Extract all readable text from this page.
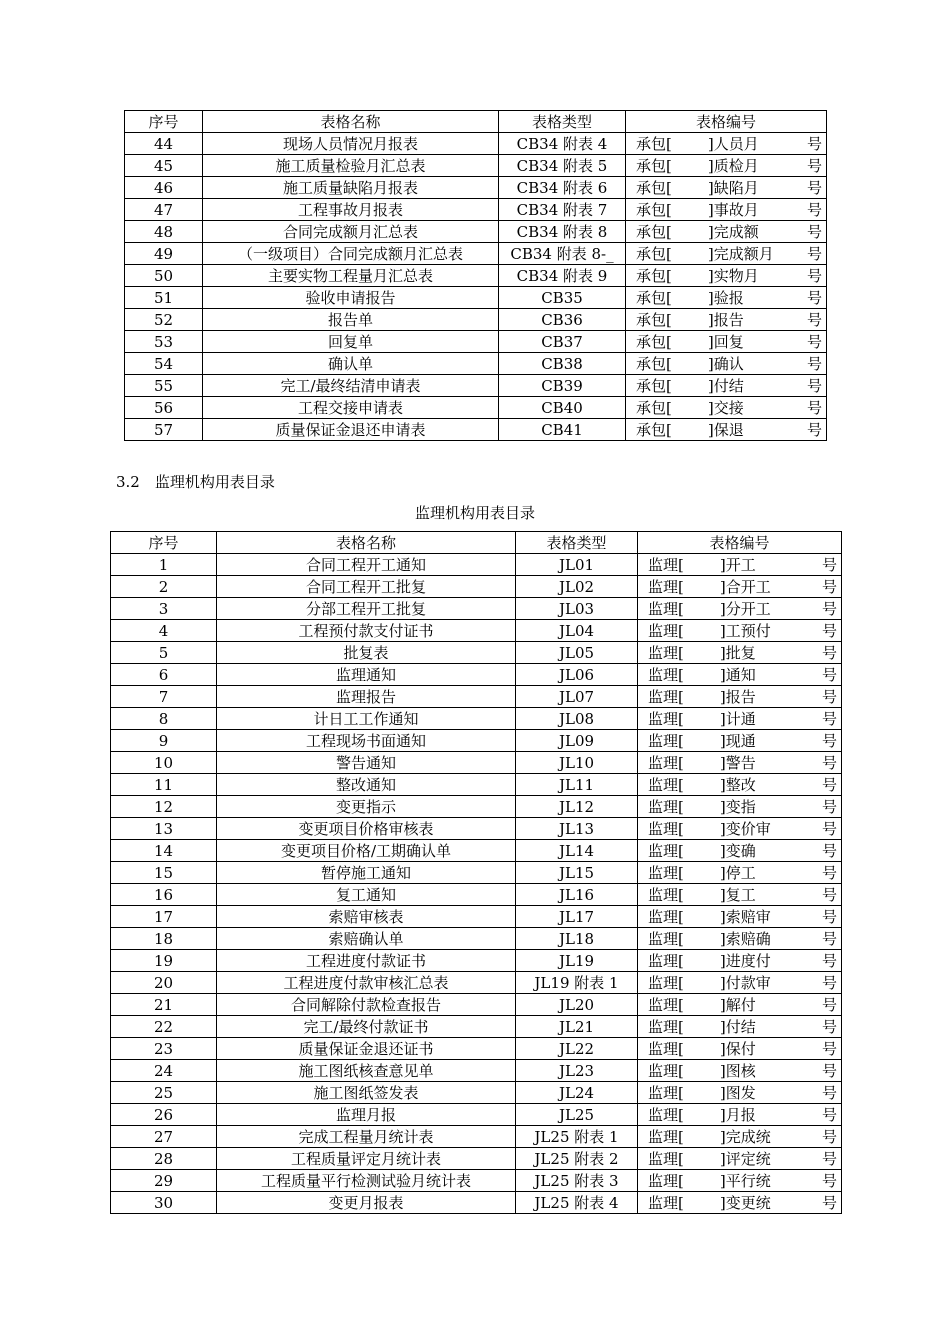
序号	表格名称	表格类型	表格编号
44	现场人员情况月报表	CB34 附表 4	承包[ ]人员月 号

45	施工质量检验月汇总表	CB34 附表 5	承包[ ]质检月 号

46	施工质量缺陷月报表	CB34 附表 6	承包[ ]缺陷月 号

47	工程事故月报表	CB34 附表 7	承包[ ]事故月 号

48	合同完成额月汇总表	CB34 附表 8	承包[ ]完成额 号

49	（一级项目）合同完成额月汇总表	CB34 附表 8-_	承包[ ]完成额月 号

50	主要实物工程量月汇总表	CB34 附表 9	承包[ ]实物月 号

51	验收申请报告	CB35	承包[ ]验报 号

52	报告单	CB36	承包[ ]报告 号

53	回复单	CB37	承包[ ]回复 号

54	确认单	CB38	承包[ ]确认 号

55	完工/最终结清申请表	CB39	承包[ ]付结 号

56	工程交接申请表	CB40	承包[ ]交接 号

57	质量保证金退还申请表	CB41	承包[ ]保退 号
3.2　监理机构用表目录
监理机构用表目录
序号	表格名称	表格类型	表格编号
1	合同工程开工通知	JL01	监理[ ]开工 号

2	合同工程开工批复	JL02	监理[ ]合开工 号

3	分部工程开工批复	JL03	监理[ ]分开工 号

4	工程预付款支付证书	JL04	监理[ ]工预付 号

5	批复表	JL05	监理[ ]批复 号

6	监理通知	JL06	监理[ ]通知 号

7	监理报告	JL07	监理[ ]报告 号

8	计日工工作通知	JL08	监理[ ]计通 号

9	工程现场书面通知	JL09	监理[ ]现通 号

10	警告通知	JL10	监理[ ]警告 号

11	整改通知	JL11	监理[ ]整改 号

12	变更指示	JL12	监理[ ]变指 号

13	变更项目价格审核表	JL13	监理[ ]变价审 号

14	变更项目价格/工期确认单	JL14	监理[ ]变确 号

15	暂停施工通知	JL15	监理[ ]停工 号

16	复工通知	JL16	监理[ ]复工 号

17	索赔审核表	JL17	监理[ ]索赔审 号

18	索赔确认单	JL18	监理[ ]索赔确 号

19	工程进度付款证书	JL19	监理[ ]进度付 号

20	工程进度付款审核汇总表	JL19 附表 1	监理[ ]付款审 号

21	合同解除付款检查报告	JL20	监理[ ]解付 号

22	完工/最终付款证书	JL21	监理[ ]付结 号

23	质量保证金退还证书	JL22	监理[ ]保付 号

24	施工图纸核查意见单	JL23	监理[ ]图核 号

25	施工图纸签发表	JL24	监理[ ]图发 号

26	监理月报	JL25	监理[ ]月报 号

27	完成工程量月统计表	JL25 附表 1	监理[ ]完成统 号

28	工程质量评定月统计表	JL25 附表 2	监理[ ]评定统 号

29	工程质量平行检测试验月统计表	JL25 附表 3	监理[ ]平行统 号

30	变更月报表	JL25 附表 4	监理[ ]变更统 号
